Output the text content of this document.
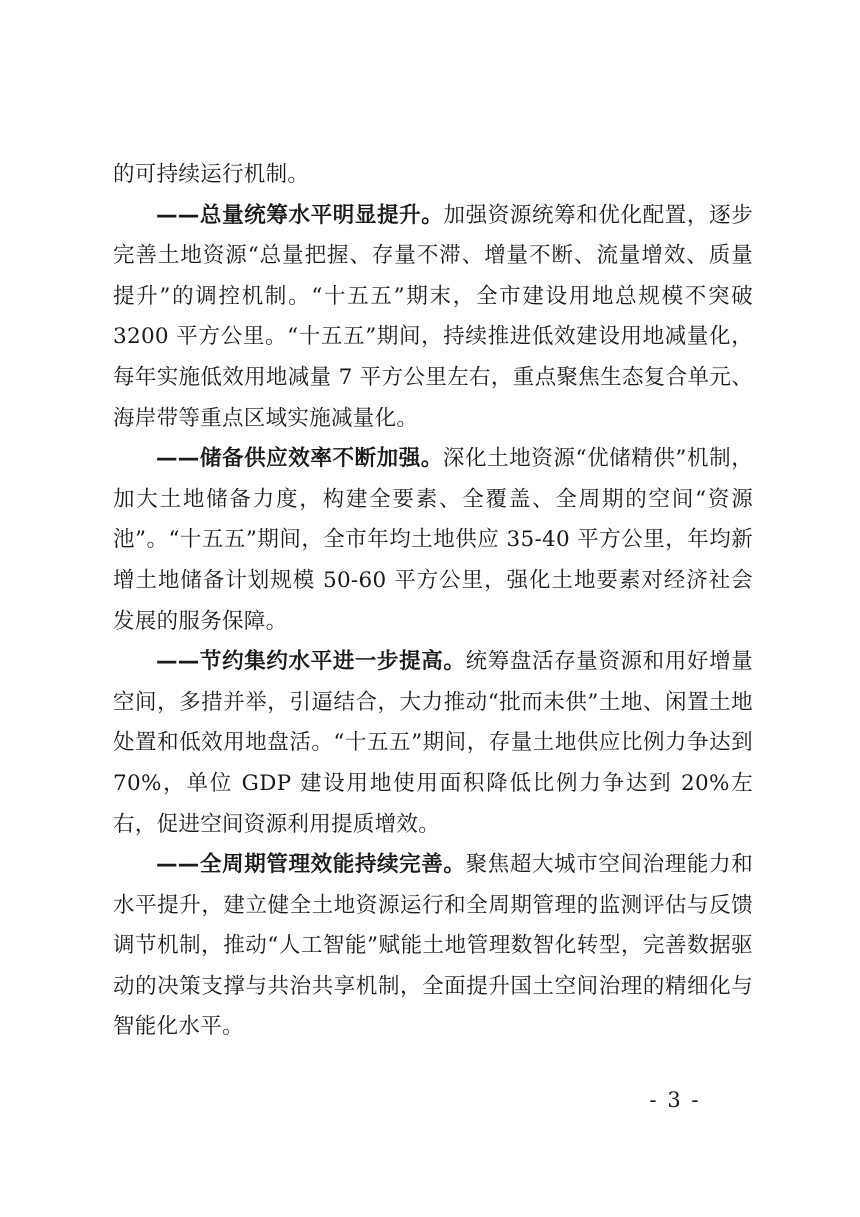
的可持续运行机制。

——总量统筹水平明显提升。加强资源统筹和优化配置，逐步完善土地资源“总量把握、存量不滞、增量不断、流量增效、质量提升”的调控机制。“十五五”期末，全市建设用地总规模不突破 3200 平方公里。“十五五”期间，持续推进低效建设用地减量化，每年实施低效用地减量 7 平方公里左右，重点聚焦生态复合单元、海岸带等重点区域实施减量化。

——储备供应效率不断加强。深化土地资源“优储精供”机制，加大土地储备力度，构建全要素、全覆盖、全周期的空间“资源池”。“十五五”期间，全市年均土地供应 35-40 平方公里，年均新增土地储备计划规模 50-60 平方公里，强化土地要素对经济社会发展的服务保障。

——节约集约水平进一步提高。统筹盘活存量资源和用好增量空间，多措并举，引逼结合，大力推动“批而未供”土地、闲置土地处置和低效用地盘活。“十五五”期间，存量土地供应比例力争达到 70%，单位 GDP 建设用地使用面积降低比例力争达到 20%左右，促进空间资源利用提质增效。

——全周期管理效能持续完善。聚焦超大城市空间治理能力和水平提升，建立健全土地资源运行和全周期管理的监测评估与反馈调节机制，推动“人工智能”赋能土地管理数智化转型，完善数据驱动的决策支撑与共治共享机制，全面提升国土空间治理的精细化与智能化水平。

- 3 -
